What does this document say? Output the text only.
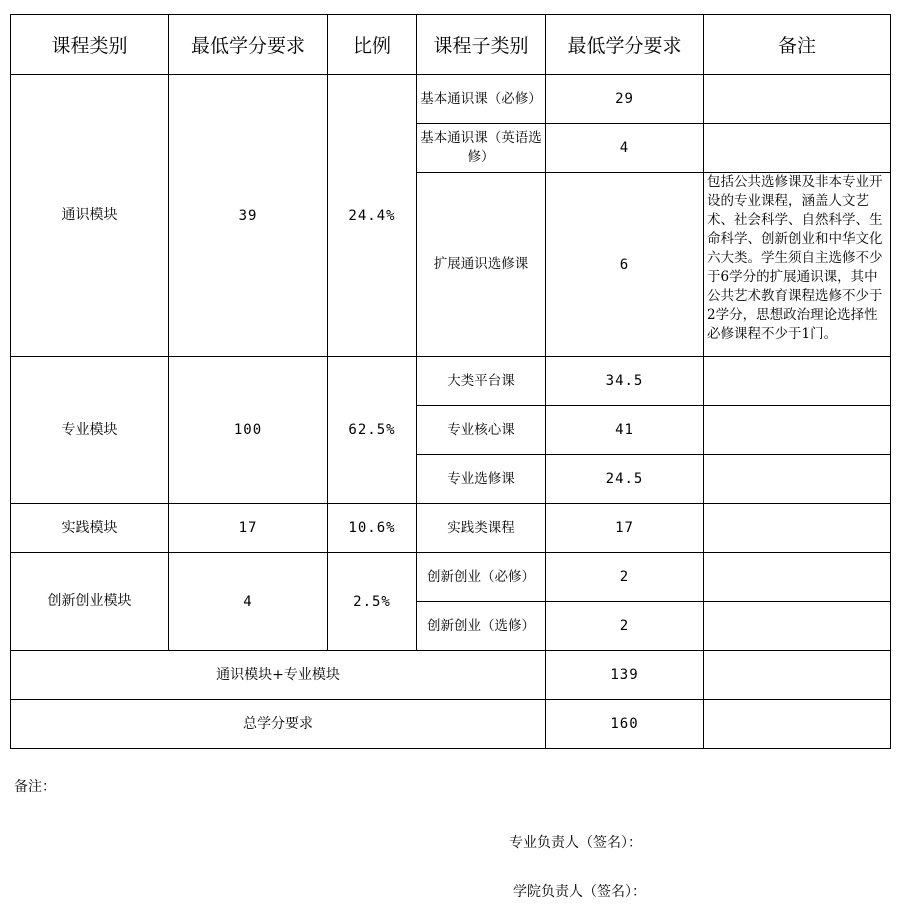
课程类别	最低学分要求	比例	课程子类别	最低学分要求	备注
通识模块	39	24.4%	基本通识课（必修）	29	
			基本通识课（英语选修）	4	
			扩展通识选修课	6	包括公共选修课及非本专业开设的专业课程，涵盖人文艺术、社会科学、自然科学、生命科学、创新创业和中华文化六大类。学生须自主选修不少于6学分的扩展通识课，其中公共艺术教育课程选修不少于2学分，思想政治理论选择性必修课程不少于1门。
专业模块	100	62.5%	大类平台课	34.5	
			专业核心课	41	
			专业选修课	24.5	
实践模块	17	10.6%	实践类课程	17	
创新创业模块	4	2.5%	创新创业（必修）	2	
			创新创业（选修）	2	
通识模块+专业模块				139	
总学分要求				160	
备注：
专业负责人（签名）：
学院负责人（签名）：
